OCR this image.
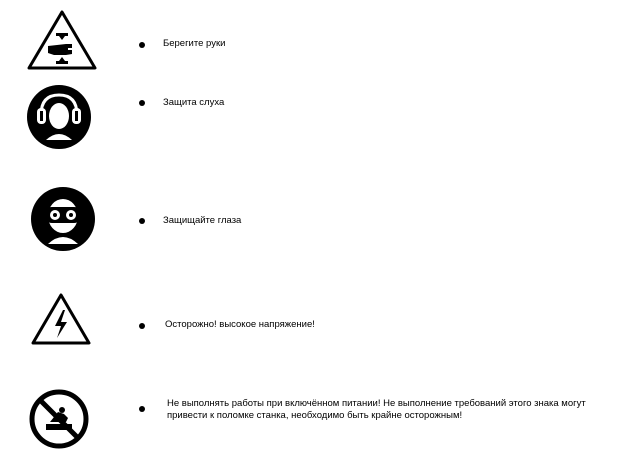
Берегите руки
Защита слуха
Защищайте глаза
Осторожно! высокое напряжение!
Не выполнять работы при включённом питании! Не выполнение требований этого знака могут привести к поломке станка, необходимо быть крайне осторожным!
